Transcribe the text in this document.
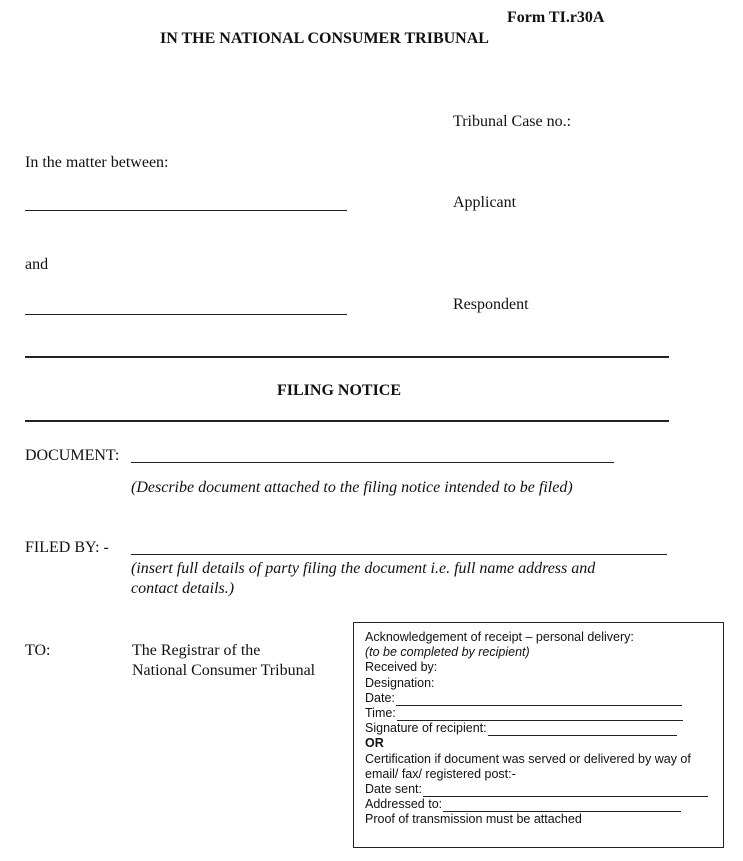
Form TI.r30A
IN THE NATIONAL CONSUMER TRIBUNAL
Tribunal Case no.:
In the matter between:
Applicant
and
Respondent
FILING NOTICE
DOCUMENT:
(Describe document attached to the filing notice intended to be filed)
FILED BY: -
(insert full details of party filing the document i.e. full name address and
contact details.)
TO:	The Registrar of the
National Consumer Tribunal
Acknowledgement of receipt – personal delivery:
(to be completed by recipient)
Received by:
Designation:
Date:
Time:
Signature of recipient:
OR
Certification if document was served or delivered by way of
email/ fax/ registered post:-
Date sent:
Addressed to:
Proof of transmission must be attached
